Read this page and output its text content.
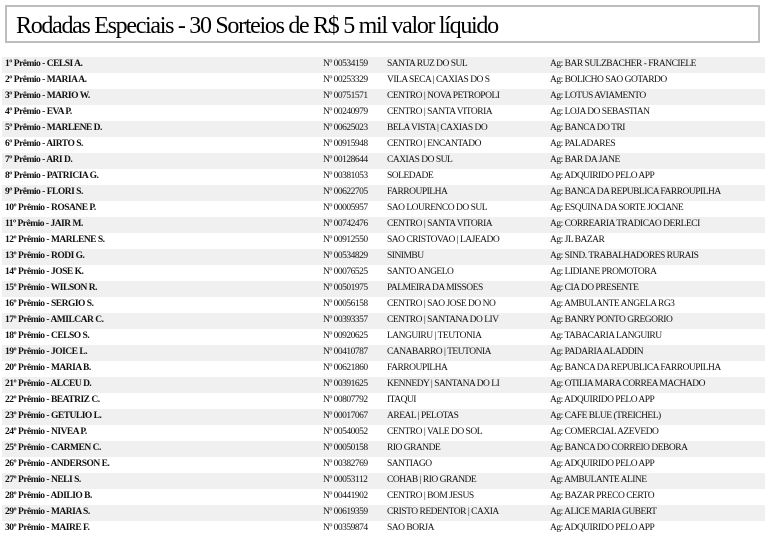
Rodadas Especiais - 30 Sorteios de R$ 5 mil valor líquido
1º Prêmio - CELSI A.	Nº 00534159 SANTA RUZ DO SUL	Ag: BAR SULZBACHER - FRANCIELE
2º Prêmio - MARIA A.	Nº 00253329 VILA SECA | CAXIAS DO S	Ag: BOLICHO SAO GOTARDO
3º Prêmio - MARIO W.	Nº 00751571 CENTRO | NOVA PETROPOLI	Ag: LOTUS AVIAMENTO
4º Prêmio - EVA P.	Nº 00240979 CENTRO | SANTA VITORIA	Ag: LOJA DO SEBASTIAN
5º Prêmio - MARLENE D.	Nº 00625023 BELA VISTA | CAXIAS DO	Ag: BANCA DO TRI
6º Prêmio - AIRTO S.	Nº 00915948 CENTRO | ENCANTADO	Ag: PALADARES
7º Prêmio - ARI D.	Nº 00128644 CAXIAS DO SUL	Ag: BAR DA JANE
8º Prêmio - PATRICIA G.	Nº 00381053 SOLEDADE	Ag: ADQUIRIDO PELO APP
9º Prêmio - FLORI S.	Nº 00622705 FARROUPILHA	Ag: BANCA DA REPUBLICA FARROUPILHA
10º Prêmio - ROSANE P.	Nº 00005957 SAO LOURENCO DO SUL	Ag: ESQUINA DA SORTE JOCIANE
11º Prêmio - JAIR M.	Nº 00742476 CENTRO | SANTA VITORIA	Ag: CORREARIA TRADICAO DERLECI
12º Prêmio - MARLENE S.	Nº 00912550 SAO CRISTOVAO | LAJEADO	Ag: JL BAZAR
13º Prêmio - RODI G.	Nº 00534829 SINIMBU	Ag: SIND. TRABALHADORES RURAIS
14º Prêmio - JOSE K.	Nº 00076525 SANTO ANGELO	Ag: LIDIANE PROMOTORA
15º Prêmio - WILSON R.	Nº 00501975 PALMEIRA DA MISSOES	Ag: CIA DO PRESENTE
16º Prêmio - SERGIO S.	Nº 00056158 CENTRO | SAO JOSE DO NO	Ag: AMBULANTE ANGELA RG3
17º Prêmio - AMILCAR C.	Nº 00393357 CENTRO | SANTANA DO LIV	Ag: BANRY PONTO GREGORIO
18º Prêmio - CELSO S.	Nº 00920625 LANGUIRU | TEUTONIA	Ag: TABACARIA LANGUIRU
19º Prêmio - JOICE L.	Nº 00410787 CANABARRO | TEUTONIA	Ag: PADARIA ALADDIN
20º Prêmio - MARIA B.	Nº 00621860 FARROUPILHA	Ag: BANCA DA REPUBLICA FARROUPILHA
21º Prêmio - ALCEU D.	Nº 00391625 KENNEDY | SANTANA DO LI	Ag: OTILIA MARA CORREA MACHADO
22º Prêmio - BEATRIZ C.	Nº 00807792 ITAQUI	Ag: ADQUIRIDO PELO APP
23º Prêmio - GETULIO L.	Nº 00017067 AREAL | PELOTAS	Ag: CAFE BLUE (TREICHEL)
24º Prêmio - NIVEA P.	Nº 00540052 CENTRO | VALE DO SOL	Ag: COMERCIAL AZEVEDO
25º Prêmio - CARMEN C.	Nº 00050158 RIO GRANDE	Ag: BANCA DO CORREIO DEBORA
26º Prêmio - ANDERSON E.	Nº 00382769 SANTIAGO	Ag: ADQUIRIDO PELO APP
27º Prêmio - NELI S.	Nº 00053112 COHAB | RIO GRANDE	Ag: AMBULANTE ALINE
28º Prêmio - ADILIO B.	Nº 00441902 CENTRO | BOM JESUS	Ag: BAZAR PRECO CERTO
29º Prêmio - MARIA S.	Nº 00619359 CRISTO REDENTOR | CAXIA	Ag: ALICE MARIA GUBERT
30º Prêmio - MAIRE F.	Nº 00359874 SAO BORJA	Ag: ADQUIRIDO PELO APP
